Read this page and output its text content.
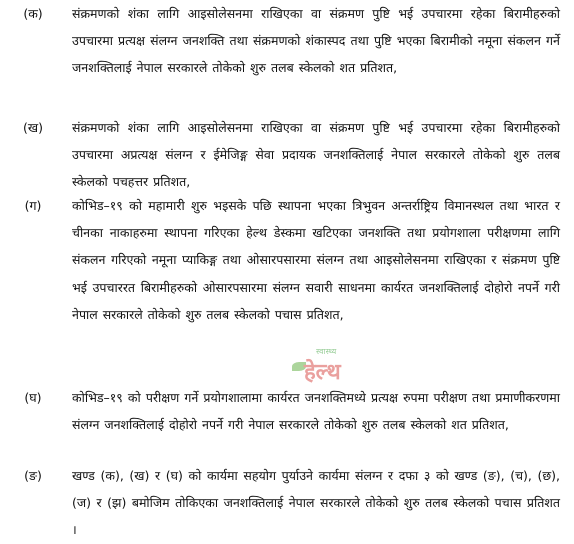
(क)	संक्रमणको शंका लागि आइसोलेसनमा राखिएका वा संक्रमण पुष्टि भई उपचारमा रहेका बिरामीहरुको उपचारमा प्रत्यक्ष संलग्न जनशक्ति तथा संक्रमणको शंकास्पद तथा पुष्टि भएका बिरामीको नमूना संकलन गर्ने जनशक्तिलाई नेपाल सरकारले तोकेको शुरु तलब स्केलको शत प्रतिशत,
(ख)	संक्रमणको शंका लागि आइसोलेसनमा राखिएका वा संक्रमण पुष्टि भई उपचारमा रहेका बिरामीहरुको उपचारमा अप्रत्यक्ष संलग्न र ईमेजिङ्ग सेवा प्रदायक जनशक्तिलाई नेपाल सरकारले तोकेको शुरु तलब स्केलको पचहत्तर प्रतिशत,
(ग)	कोभिड–१९ को महामारी शुरु भइसके पछि स्थापना भएका त्रिभुवन अन्तर्राष्ट्रिय विमानस्थल तथा भारत र चीनका नाकाहरुमा स्थापना गरिएका हेल्थ डेस्कमा खटिएका जनशक्ति तथा प्रयोगशाला परीक्षणमा लागि संकलन गरिएको नमूना प्याकिङ्ग तथा ओसारपसारमा संलग्न तथा आइसोलेसनमा राखिएका र संक्रमण पुष्टि भई उपचाररत बिरामीहरुको ओसारपसारमा संलग्न सवारी साधनमा कार्यरत जनशक्तिलाई दोहोरो नपर्ने गरी नेपाल सरकारले तोकेको शुरु तलब स्केलको पचास प्रतिशत,
(घ)	कोभिड–१९ को परीक्षण गर्ने प्रयोगशालामा कार्यरत जनशक्तिमध्ये प्रत्यक्ष रुपमा परीक्षण तथा प्रमाणीकरणमा संलग्न जनशक्तिलाई दोहोरो नपर्ने गरी नेपाल सरकारले तोकेको शुरु तलब स्केलको शत प्रतिशत,
(ङ)	खण्ड (क), (ख) र (घ) को कार्यमा सहयोग पुर्याउने कार्यमा संलग्न र दफा ३ को खण्ड (ङ), (च), (छ), (ज) र (झ) बमोजिम तोकिएका जनशक्तिलाई नेपाल सरकारले तोकेको शुरु तलब स्केलको पचास प्रतिशत ।
स्वास्थ्य
हेल्थ
